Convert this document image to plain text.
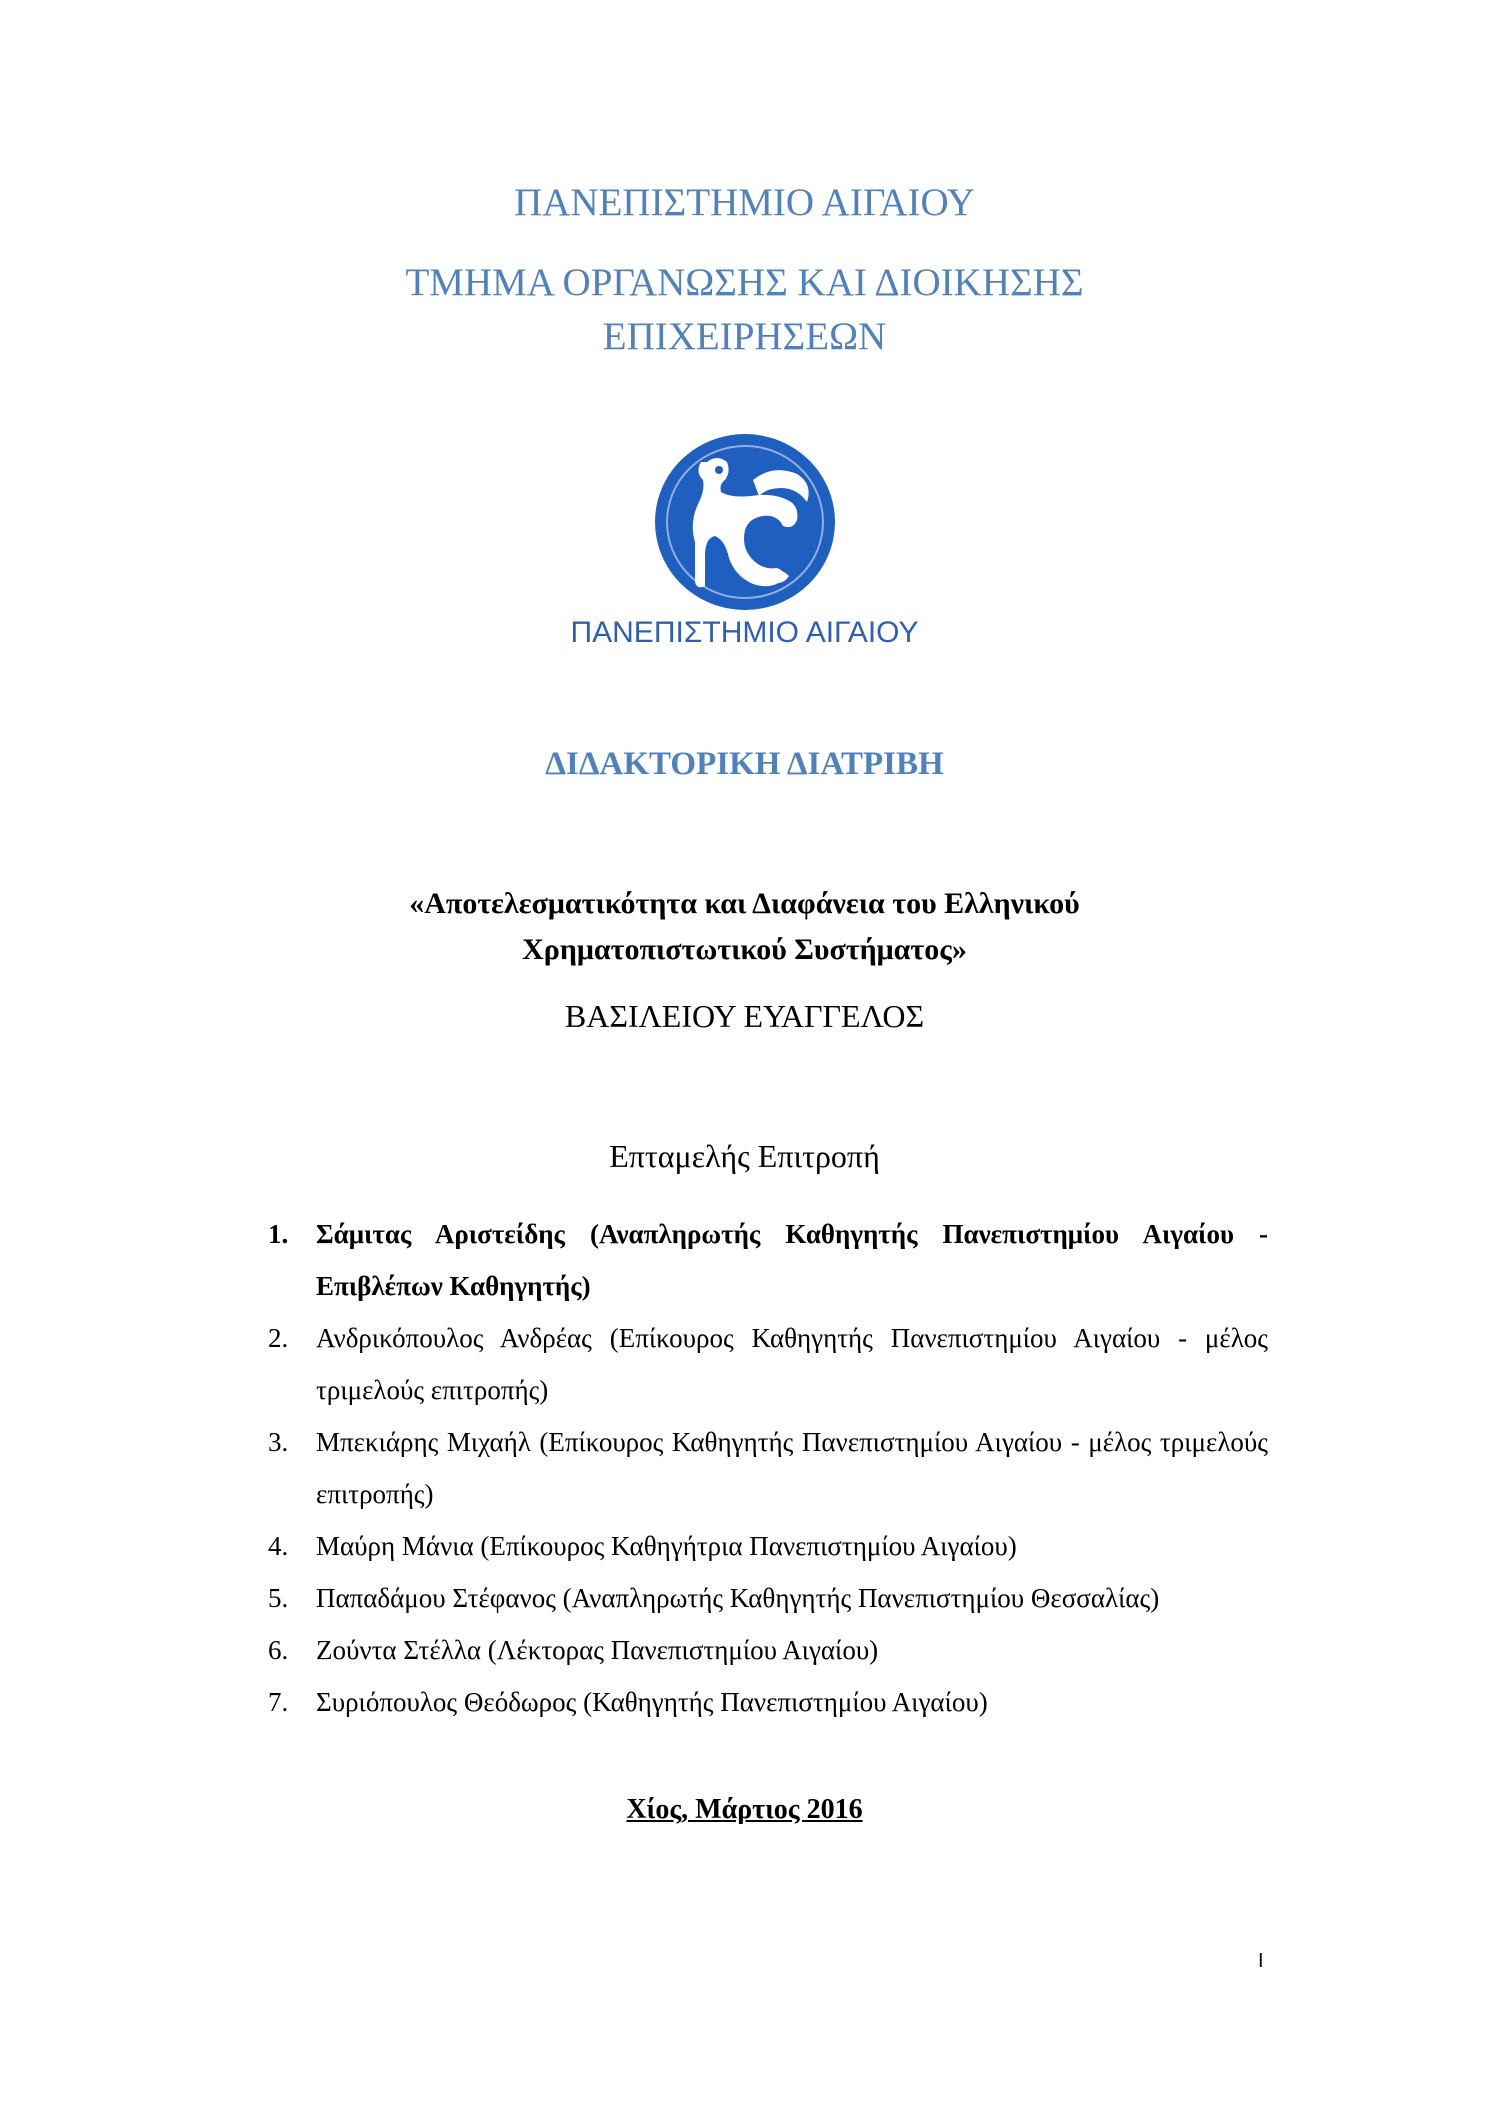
ΠΑΝΕΠΙΣΤΗΜΙΟ ΑΙΓΑΙΟΥ
ΤΜΗΜΑ ΟΡΓΑΝΩΣΗΣ ΚΑΙ ΔΙΟΙΚΗΣΗΣ
ΕΠΙΧΕΙΡΗΣΕΩΝ
ΠΑΝΕΠΙΣΤΗΜΙΟ ΑΙΓΑΙΟΥ
ΔΙΔΑΚΤΟΡΙΚΗ ΔΙΑΤΡΙΒΗ
«Αποτελεσματικότητα και Διαφάνεια του Ελληνικού
Χρηματοπιστωτικού Συστήματος»
ΒΑΣΙΛΕΙΟΥ ΕΥΑΓΓΕΛΟΣ
Επταμελής Επιτροπή
1. Σάμιτας Αριστείδης (Αναπληρωτής Καθηγητής Πανεπιστημίου Αιγαίου - Επιβλέπων Καθηγητής)
2. Ανδρικόπουλος Ανδρέας (Επίκουρος Καθηγητής Πανεπιστημίου Αιγαίου - μέλος τριμελούς επιτροπής)
3. Μπεκιάρης Μιχαήλ (Επίκουρος Καθηγητής Πανεπιστημίου Αιγαίου - μέλος τριμελούς επιτροπής)
4. Μαύρη Μάνια (Επίκουρος Καθηγήτρια Πανεπιστημίου Αιγαίου)
5. Παπαδάμου Στέφανος (Αναπληρωτής Καθηγητής Πανεπιστημίου Θεσσαλίας)
6. Ζούντα Στέλλα (Λέκτορας Πανεπιστημίου Αιγαίου)
7. Συριόπουλος Θεόδωρος (Καθηγητής Πανεπιστημίου Αιγαίου)
Χίος, Μάρτιος 2016
I
